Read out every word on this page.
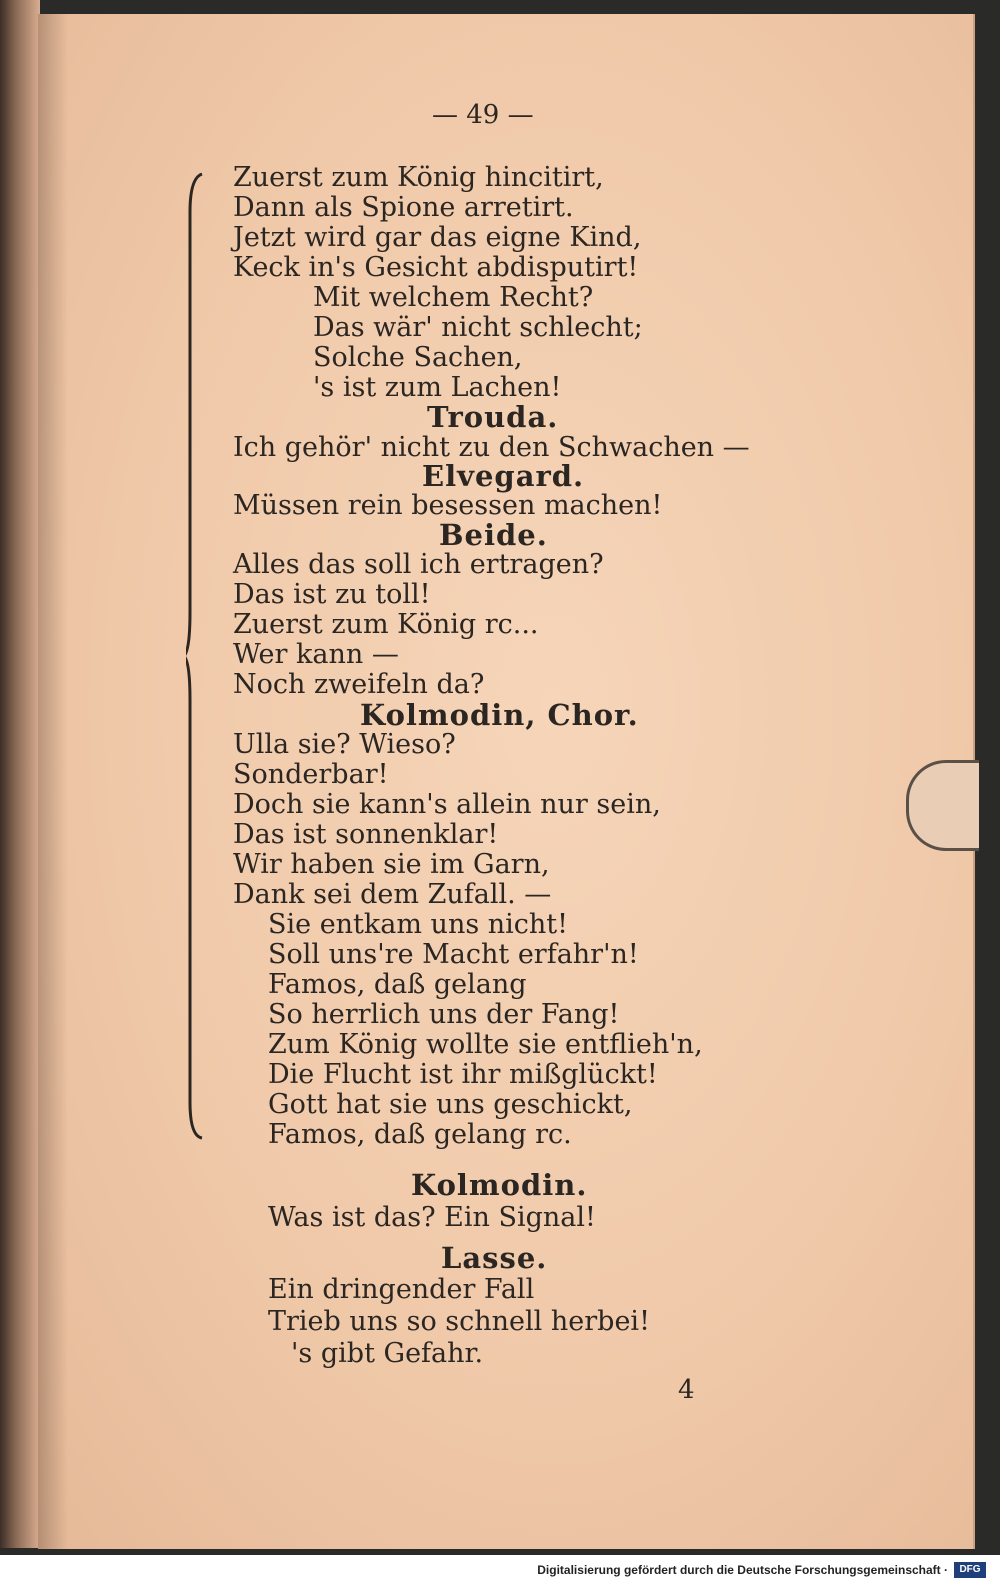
— 49 —
Zuerst zum König hincitirt,
Dann als Spione arretirt.
Jetzt wird gar das eigne Kind,
Keck in's Gesicht abdisputirt!
Mit welchem Recht?
Das wär' nicht schlecht;
Solche Sachen,
's ist zum Lachen!
Trouda.
Ich gehör' nicht zu den Schwachen —
Elvegard.
Müssen rein besessen machen!
Beide.
Alles das soll ich ertragen?
Das ist zu toll!
Zuerst zum König rc...
Wer kann —
Noch zweifeln da?
Kolmodin, Chor.
Ulla sie? Wieso?
Sonderbar!
Doch sie kann's allein nur sein,
Das ist sonnenklar!
Wir haben sie im Garn,
Dank sei dem Zufall. —
Sie entkam uns nicht!
Soll uns're Macht erfahr'n!
Famos, daß gelang
So herrlich uns der Fang!
Zum König wollte sie entflieh'n,
Die Flucht ist ihr mißglückt!
Gott hat sie uns geschickt,
Famos, daß gelang rc.
Kolmodin.
Was ist das? Ein Signal!
Lasse.
Ein dringender Fall
Trieb uns so schnell herbei!
's gibt Gefahr.
4
Digitalisierung gefördert durch die Deutsche Forschungsgemeinschaft ·	DFG
